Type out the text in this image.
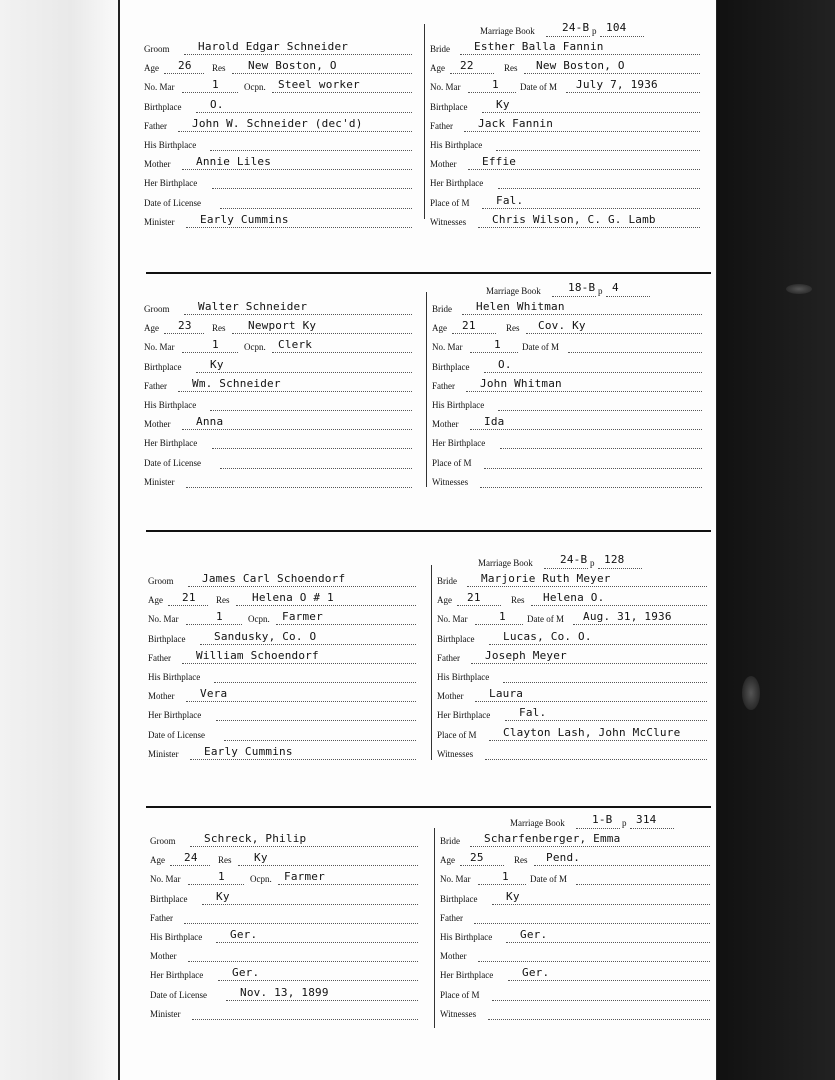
Marriage Book 24-B p 104
Groom	Harold Edgar Schneider
Age 26 Res New Boston, O
No. Mar	1	Ocpn. Steel worker
Birthplace	O.
Father John W. Schneider (dec'd)
His Birthplace
Mother Annie Liles
Her Birthplace
Date of License
Minister Early Cummins
Bride Esther Balla Fannin
Age 22	Res New Boston, O
No. Mar	1 Date of M July 7, 1936
Birthplace	Ky
Father Jack Fannin
His Birthplace
Mother Effie
Her Birthplace
Place of M Fal.
Witnesses Chris Wilson, C. G. Lamb
Marriage Book 18-B p 4
Groom	Walter Schneider
Age 23 Res Newport Ky
No. Mar	1	Ocpn. Clerk
Birthplace	Ky
Father Wm. Schneider
His Birthplace
Mother Anna
Her Birthplace
Date of License
Minister
Bride Helen Whitman
Age 21	Res Cov. Ky
No. Mar	1 Date of M
Birthplace	O.
Father John Whitman
His Birthplace
Mother Ida
Her Birthplace
Place of M
Witnesses
Marriage Book 24-B p 128
Groom	James Carl Schoendorf
Age 21 Res Helena O # 1
No. Mar	1	Ocpn. Farmer
Birthplace	Sandusky, Co. O
Father William Schoendorf
His Birthplace
Mother Vera
Her Birthplace
Date of License
Minister Early Cummins
Bride Marjorie Ruth Meyer
Age 21	Res Helena O.
No. Mar	1 Date of M Aug. 31, 1936
Birthplace	Lucas, Co. O.
Father Joseph Meyer
His Birthplace
Mother Laura
Her Birthplace	Fal.
Place of M Clayton Lash, John McClure
Witnesses
Marriage Book 1-B p 314
Groom	Schreck, Philip
Age 24 Res Ky
No. Mar	1	Ocpn. Farmer
Birthplace	Ky
Father
His Birthplace	Ger.
Mother
Her Birthplace	Ger.
Date of License	Nov. 13, 1899
Minister
Bride Scharfenberger, Emma
Age 25	Res Pend.
No. Mar	1 Date of M
Birthplace	Ky
Father
His Birthplace	Ger.
Mother
Her Birthplace	Ger.
Place of M
Witnesses
